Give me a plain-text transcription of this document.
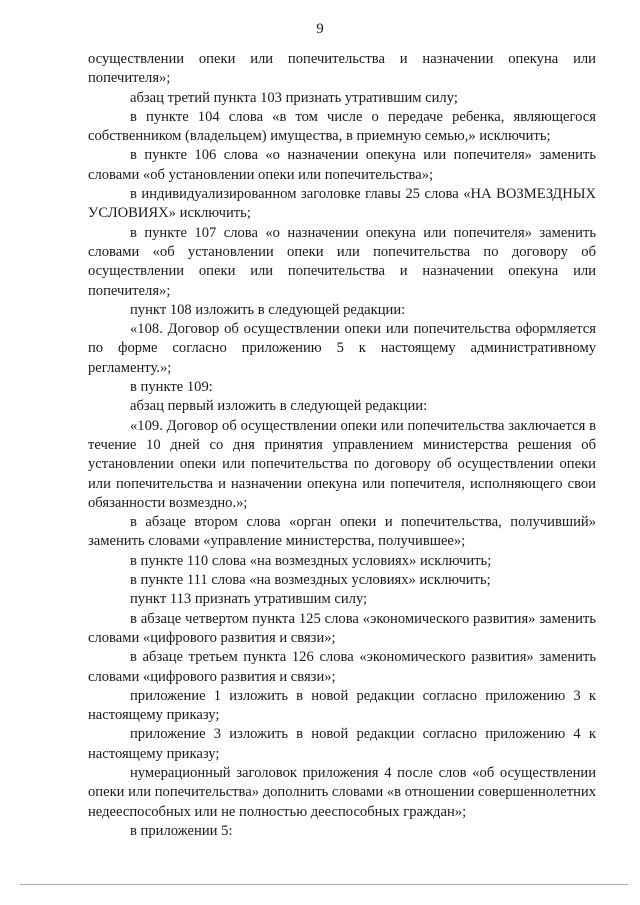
9

осуществлении опеки или попечительства и назначении опекуна или попечителя»;

абзац третий пункта 103 признать утратившим силу;

в пункте 104 слова «в том числе о передаче ребенка, являющегося собственником (владельцем) имущества, в приемную семью,» исключить;

в пункте 106 слова «о назначении опекуна или попечителя» заменить словами «об установлении опеки или попечительства»;

в индивидуализированном заголовке главы 25 слова «НА ВОЗМЕЗДНЫХ УСЛОВИЯХ» исключить;

в пункте 107 слова «о назначении опекуна или попечителя» заменить словами «об установлении опеки или попечительства по договору об осуществлении опеки или попечительства и назначении опекуна или попечителя»;

пункт 108 изложить в следующей редакции:

«108. Договор об осуществлении опеки или попечительства оформляется по форме согласно приложению 5 к настоящему административному регламенту.»;

в пункте 109:

абзац первый изложить в следующей редакции:

«109. Договор об осуществлении опеки или попечительства заключается в течение 10 дней со дня принятия управлением министерства решения об установлении опеки или попечительства по договору об осуществлении опеки или попечительства и назначении опекуна или попечителя, исполняющего свои обязанности возмездно.»;

в абзаце втором слова «орган опеки и попечительства, получивший» заменить словами «управление министерства, получившее»;

в пункте 110 слова «на возмездных условиях» исключить;

в пункте 111 слова «на возмездных условиях» исключить;

пункт 113 признать утратившим силу;

в абзаце четвертом пункта 125 слова «экономического развития» заменить словами «цифрового развития и связи»;

в абзаце третьем пункта 126 слова «экономического развития» заменить словами «цифрового развития и связи»;

приложение 1 изложить в новой редакции согласно приложению 3 к настоящему приказу;

приложение 3 изложить в новой редакции согласно приложению 4 к настоящему приказу;

нумерационный заголовок приложения 4 после слов «об осуществлении опеки или попечительства» дополнить словами «в отношении совершеннолетних недееспособных или не полностью дееспособных граждан»;

в приложении 5:
